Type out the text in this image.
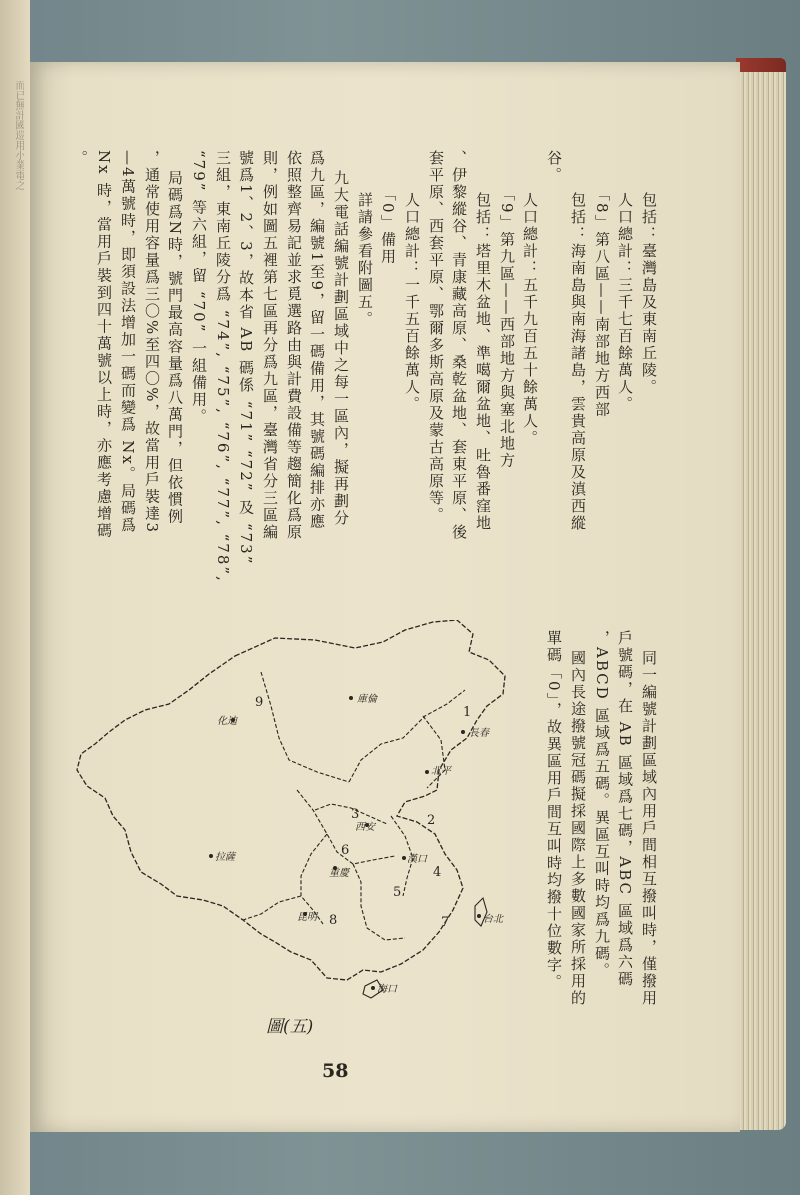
而已無計國巡用小業電之
包括：臺灣島及東南丘陵。
人口總計：三千七百餘萬人。
「8」第八區——南部地方西部
包括：海南島與南海諸島，雲貴高原及滇西縱
谷。
人口總計：五千九百五十餘萬人。
「9」第九區——西部地方與塞北地方
包括：塔里木盆地、準噶爾盆地、吐魯番窪地
、伊黎縱谷、青康藏高原、桑乾盆地、套東平原、後
套平原、西套平原、鄂爾多斯高原及蒙古高原等。
人口總計：一千五百餘萬人。
「0」備用
詳請參看附圖五。
九大電話編號計劃區域中之每一區內，擬再劃分
爲九區，編號1至9，留一碼備用，其號碼編排亦應
依照整齊易記並求覓選路由與計費設備等趨簡化爲原
則，例如圖五裡第七區再分爲九區，臺灣省分三區編
號爲1、2、3，故本省 AB 碼係 “71” “72” 及 “73”
三組，東南丘陵分爲 “74”, “75”, “76”, “77”, “78”,
“79” 等六組，留 “70” 一組備用。
局碼爲N時，號門最高容量爲八萬門，但依慣例
，通常使用容量爲三〇%至四〇%，故當用戶裝達3
—4萬號時，即須設法增加一碼而變爲 Nx。局碼爲
Nx 時，當用戶裝到四十萬號以上時，亦應考慮增碼
。
同一編號計劃區域內用戶間相互撥叫時，僅撥用
戶號碼，在 AB 區域爲七碼，ABC 區域爲六碼
，ABCD 區域爲五碼。異區互叫時均爲九碼。
國內長途撥號冠碼擬採國際上多數國家所採用的
單碼「0」，故異區用戶間互叫時均撥十位數字。
1
2
3
4
5
6
7
8
9
長春
化迪
庫倫
北平
西安
拉薩	漢口
重慶
昆明	台北
海口
圖(五)
58
